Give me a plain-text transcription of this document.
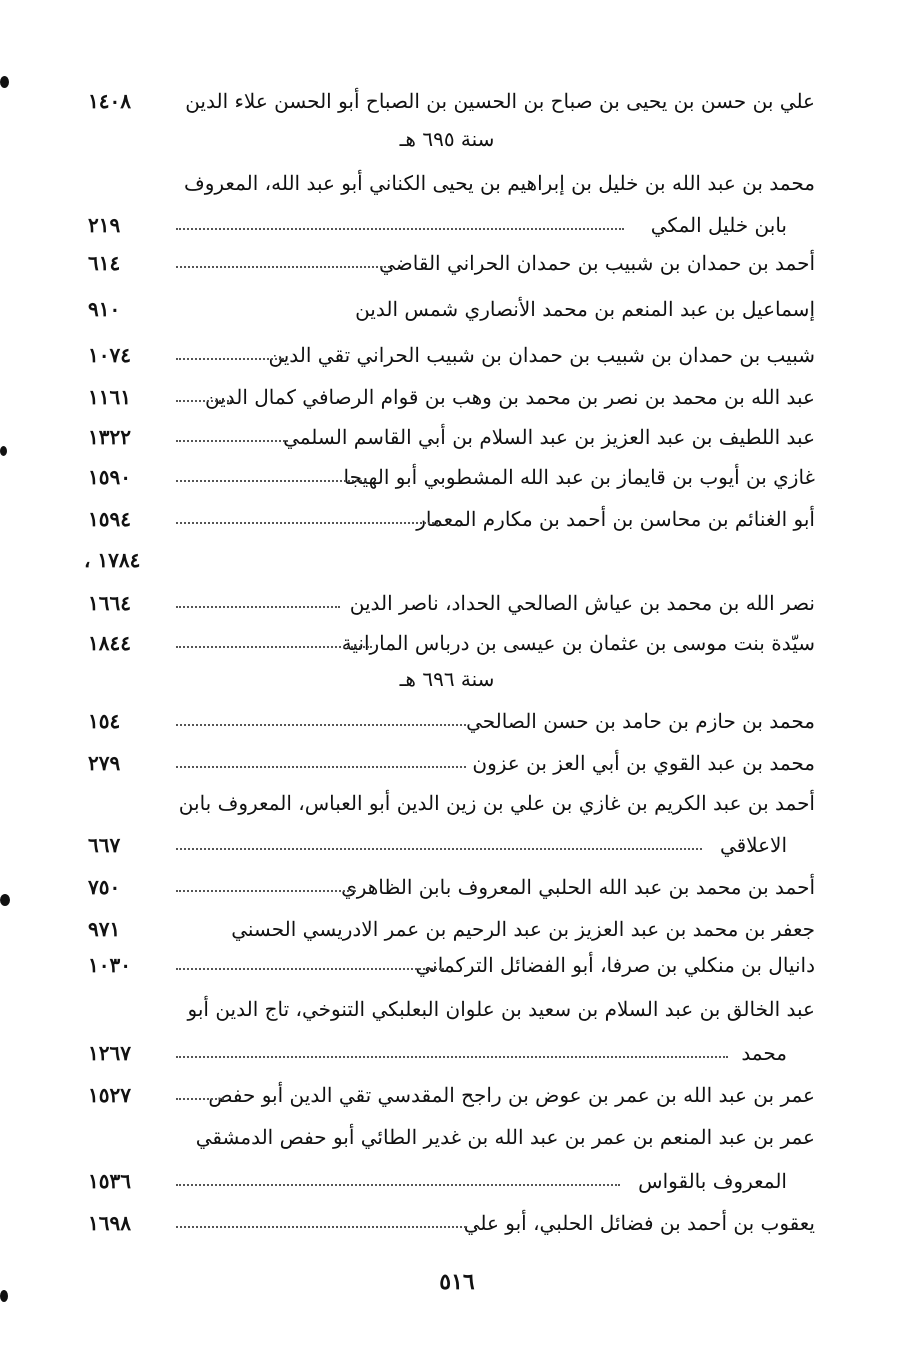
علي بن حسن بن يحيى بن صباح بن الحسين بن الصباح أبو الحسن علاء الدين
١٤٠٨
سنة ٦٩٥ هـ
محمد بن عبد الله بن خليل بن إبراهيم بن يحيى الكناني أبو عبد الله، المعروف
بابن خليل المكي
٢١٩
أحمد بن حمدان بن شبيب بن حمدان الحراني القاضي
٦١٤
إسماعيل بن عبد المنعم بن محمد الأنصاري شمس الدين
٩١٠
شبيب بن حمدان بن شبيب بن حمدان بن شبيب الحراني تقي الدين
١٠٧٤
عبد الله بن محمد بن نصر بن محمد بن وهب بن قوام الرصافي كمال الدين
١١٦١
عبد اللطيف بن عبد العزيز بن عبد السلام بن أبي القاسم السلمي
١٣٢٢
غازي بن أيوب بن قايماز بن عبد الله المشطوبي أبو الهيجا
١٥٩٠
أبو الغنائم بن محاسن بن أحمد بن مكارم المعمار
١٥٩٤
١٧٨٤ ،
نصر الله بن محمد بن عياش الصالحي الحداد، ناصر الدين
١٦٦٤
سيّدة بنت موسى بن عثمان بن عيسى بن درباس المارانية
١٨٤٤
سنة ٦٩٦ هـ
محمد بن حازم بن حامد بن حسن الصالحي
١٥٤
محمد بن عبد القوي بن أبي العز بن عزون
٢٧٩
أحمد بن عبد الكريم بن غازي بن علي بن زين الدين أبو العباس، المعروف بابن
الاعلاقي
٦٦٧
أحمد بن محمد بن عبد الله الحلبي المعروف بابن الظاهري
٧٥٠
جعفر بن محمد بن عبد العزيز بن عبد الرحيم بن عمر الادريسي الحسني
٩٧١
دانيال بن منكلي بن صرفا، أبو الفضائل التركماني
١٠٣٠
عبد الخالق بن عبد السلام بن سعيد بن علوان البعلبكي التنوخي، تاج الدين أبو
محمد
١٢٦٧
عمر بن عبد الله بن عمر بن عوض بن راجح المقدسي تقي الدين أبو حفص
١٥٢٧
عمر بن عبد المنعم بن عمر بن عبد الله بن غدير الطائي أبو حفص الدمشقي
المعروف بالقواس
١٥٣٦
يعقوب بن أحمد بن فضائل الحلبي، أبو علي
١٦٩٨
٥١٦
